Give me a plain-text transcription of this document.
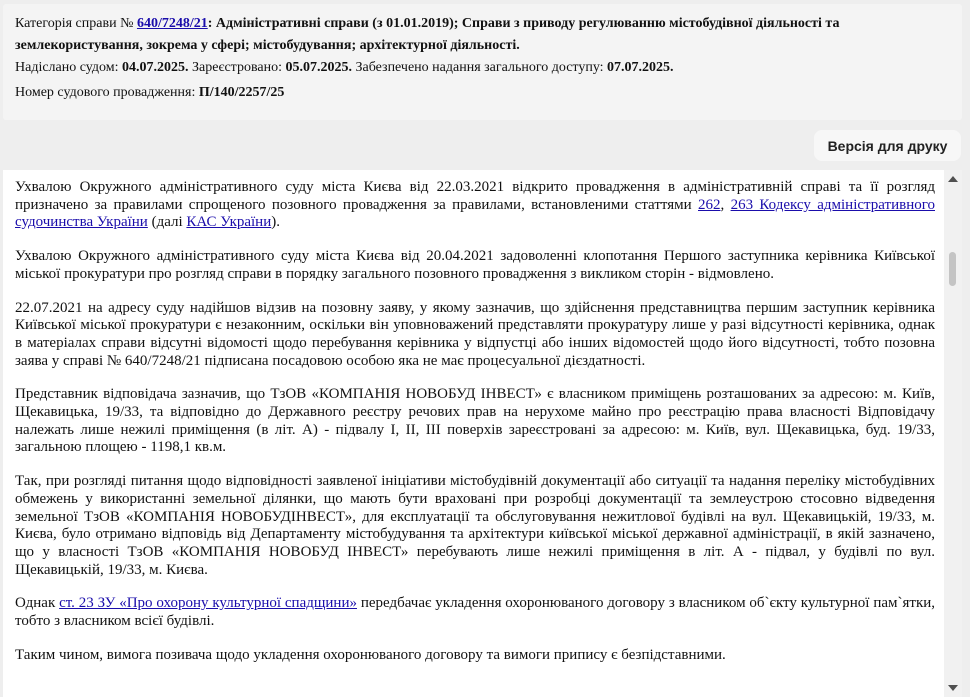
Категорія справи № 640/7248/21: Адміністративні справи (з 01.01.2019); Справи з приводу регулюванню містобудівної діяльності та
землекористування, зокрема у сфері; містобудування; архітектурної діяльності.
Надіслано судом: 04.07.2025. Зареєстровано: 05.07.2025. Забезпечено надання загального доступу: 07.07.2025.
Номер судового провадження: П/140/2257/25
Версія для друку

Ухвалою Окружного адміністративного суду міста Києва від 22.03.2021 відкрито провадження в адміністративній справі та її розгляд призначено за правилами спрощеного позовного провадження за правилами, встановленими статтями 262, 263 Кодексу адміністративного судочинства України (далі КАС України).

Ухвалою Окружного адміністративного суду міста Києва від 20.04.2021 задоволенні клопотання Першого заступника керівника Київської міської прокуратури про розгляд справи в порядку загального позовного провадження з викликом сторін - відмовлено.

22.07.2021 на адресу суду надійшов відзив на позовну заяву, у якому зазначив, що здійснення представництва першим заступник керівника Київської міської прокуратури є незаконним, оскільки він уповноважений представляти прокуратуру лише у разі відсутності керівника, однак в матеріалах справи відсутні відомості щодо перебування керівника у відпустці або інших відомостей щодо його відсутності, тобто позовна заява у справі № 640/7248/21 підписана посадовою особою яка не має процесуальної дієздатності.

Представник відповідача зазначив, що ТзОВ «КОМПАНІЯ НОВОБУД ІНВЕСТ» є власником приміщень розташованих за адресою: м. Київ, Щекавицька, 19/33, та відповідно до Державного реєстру речових прав на нерухоме майно про реєстрацію права власності Відповідачу належать лише нежилі приміщення (в літ. А) - підвалу І, ІІ, ІІІ поверхів зареєстровані за адресою: м. Київ, вул. Щекавицька, буд. 19/33, загальною площею - 1198,1 кв.м.

Так, при розгляді питання щодо відповідності заявленої ініціативи містобудівній документації або ситуації та надання переліку містобудівних обмежень у використанні земельної ділянки, що мають бути враховані при розробці документації та землеустрою стосовно відведення земельної ТзОВ «КОМПАНІЯ НОВОБУДІНВЕСТ», для експлуатації та обслуговування нежитлової будівлі на вул. Щекавицькій, 19/33, м. Києва, було отримано відповідь від Департаменту містобудування та архітектури київської міської державної адміністрації, в якій зазначено, що у власності ТзОВ «КОМПАНІЯ НОВОБУД ІНВЕСТ» перебувають лише нежилі приміщення в літ. А - підвал, у будівлі по вул. Щекавицькій, 19/33, м. Києва.

Однак ст. 23 ЗУ «Про охорону культурної спадщини» передбачає укладення охоронюваного договору з власником об`єкту культурної пам`ятки, тобто з власником всієї будівлі.

Таким чином, вимога позивача щодо укладення охоронюваного договору та вимоги припису є безпідставними.
